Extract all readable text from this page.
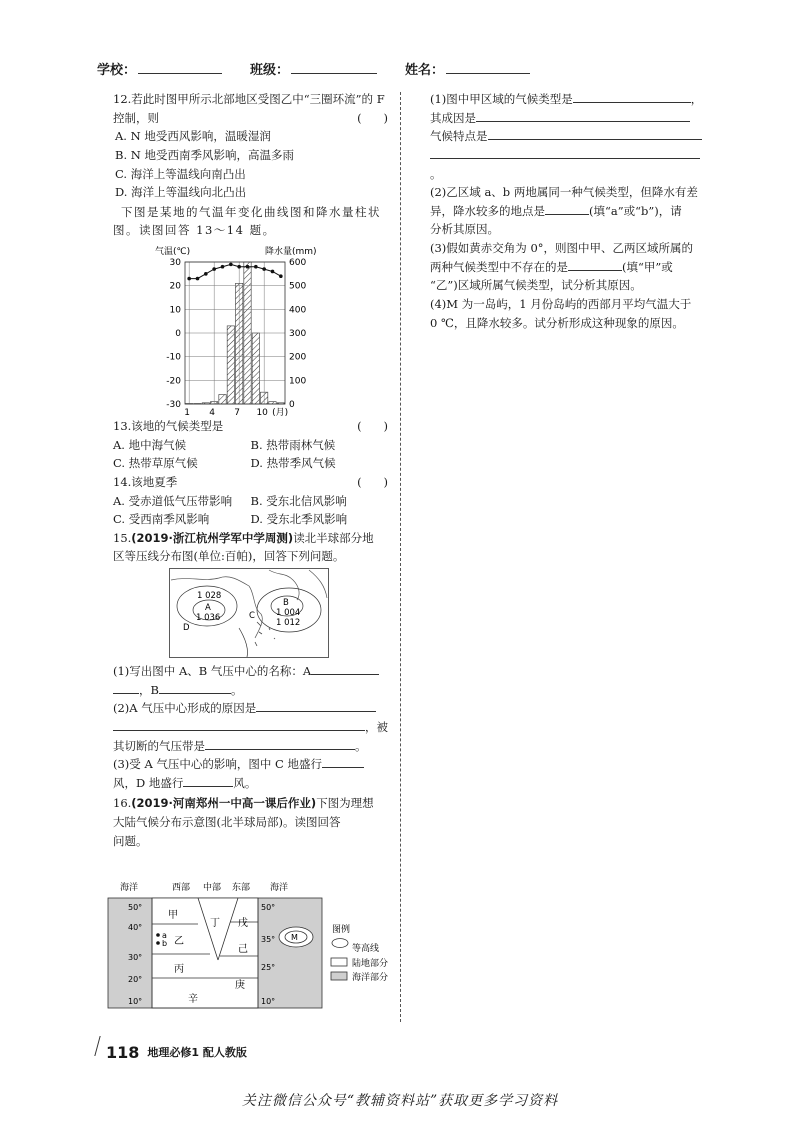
学校：	班级：	姓名：
12.若此时图甲所示北部地区受图乙中“三圈环流”的 F
控制，则	(      )
A. N 地受西风影响，温暖湿润
B. N 地受西南季风影响，高温多雨
C. 海洋上等温线向南凸出
D. 海洋上等温线向北凸出
下图是某地的气温年变化曲线图和降水量柱状图。读图回答 13～14 题。
气温(℃)	降水量(mm)
30
20
10
0
-10
-20
-30
600
500
400
300
200
100
0
1 4 7 10 (月)
13.该地的气候类型是	(      )
A. 地中海气候	B. 热带雨林气候
C. 热带草原气候	D. 热带季风气候
14.该地夏季	(      )
A. 受赤道低气压带影响	B. 受东北信风影响
C. 受西南季风影响	D. 受东北季风影响
15.(2019·浙江杭州学军中学周测)读北半球部分地
区等压线分布图(单位:百帕)，回答下列问题。
1 028
A
1 036
B
1 004
1 012
C
D
(1)写出图中 A、B 气压中心的名称：A
，B	。
(2)A 气压中心形成的原因是
，被
其切断的气压带是	。
(3)受 A 气压中心的影响，图中 C 地盛行
风，D 地盛行	风。
16.(2019·河南郑州一中高一课后作业)下图为理想
大陆气候分布示意图(北半球局部)。读图回答
问题。
海洋	西部 中部 东部 海洋
50°
40°
30°
20°
10°
50°
35°
25°
10°
甲
乙
丙
辛
丁 戊
己
庚
a
b
M
图例
等高线
陆地部分
海洋部分
(1)图中甲区域的气候类型是	，
其成因是
气候特点是
。
(2)乙区域 a、b 两地属同一种气候类型，但降水有差
异，降水较多的地点是	(填“a”或“b”)，请
分析其原因。
(3)假如黄赤交角为 0°，则图中甲、乙两区域所属的
两种气候类型中不存在的是	(填“甲”或
“乙”)区域所属气候类型，试分析其原因。
(4)M 为一岛屿，1 月份岛屿的西部月平均气温大于
0 ℃，且降水较多。试分析形成这种现象的原因。
118 地理必修1 配人教版
关注微信公众号“教辅资料站”获取更多学习资料
